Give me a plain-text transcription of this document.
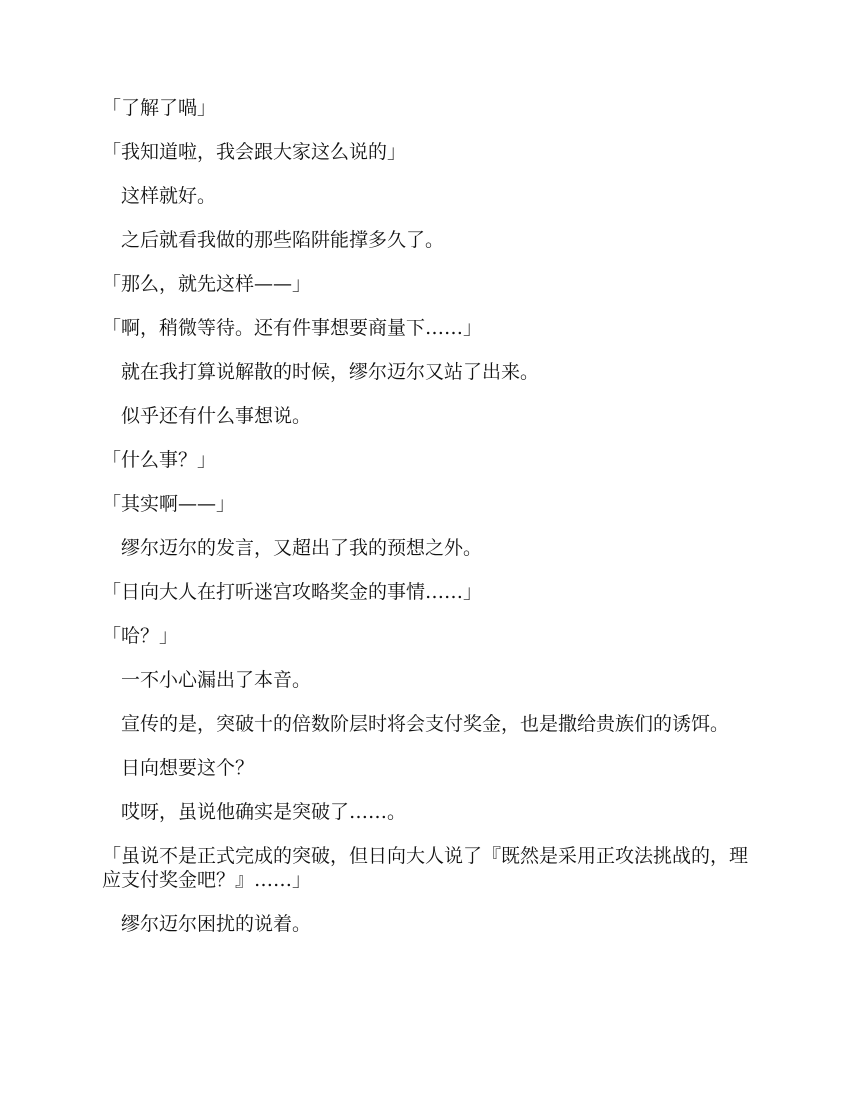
「了解了喎」

「我知道啦，我会跟大家这么说的」

　这样就好。

　之后就看我做的那些陷阱能撑多久了。

「那么，就先这样——」

「啊，稍微等待。还有件事想要商量下……」

　就在我打算说解散的时候，缪尔迈尔又站了出来。

　似乎还有什么事想说。

「什么事？」

「其实啊——」

　缪尔迈尔的发言，又超出了我的预想之外。

「日向大人在打听迷宫攻略奖金的事情……」

「哈？」

　一不小心漏出了本音。

　宣传的是，突破十的倍数阶层时将会支付奖金，也是撒给贵族们的诱饵。

　日向想要这个？

　哎呀，虽说他确实是突破了……。

「虽说不是正式完成的突破，但日向大人说了『既然是采用正攻法挑战的，理应支付奖金吧？』……」

　缪尔迈尔困扰的说着。
